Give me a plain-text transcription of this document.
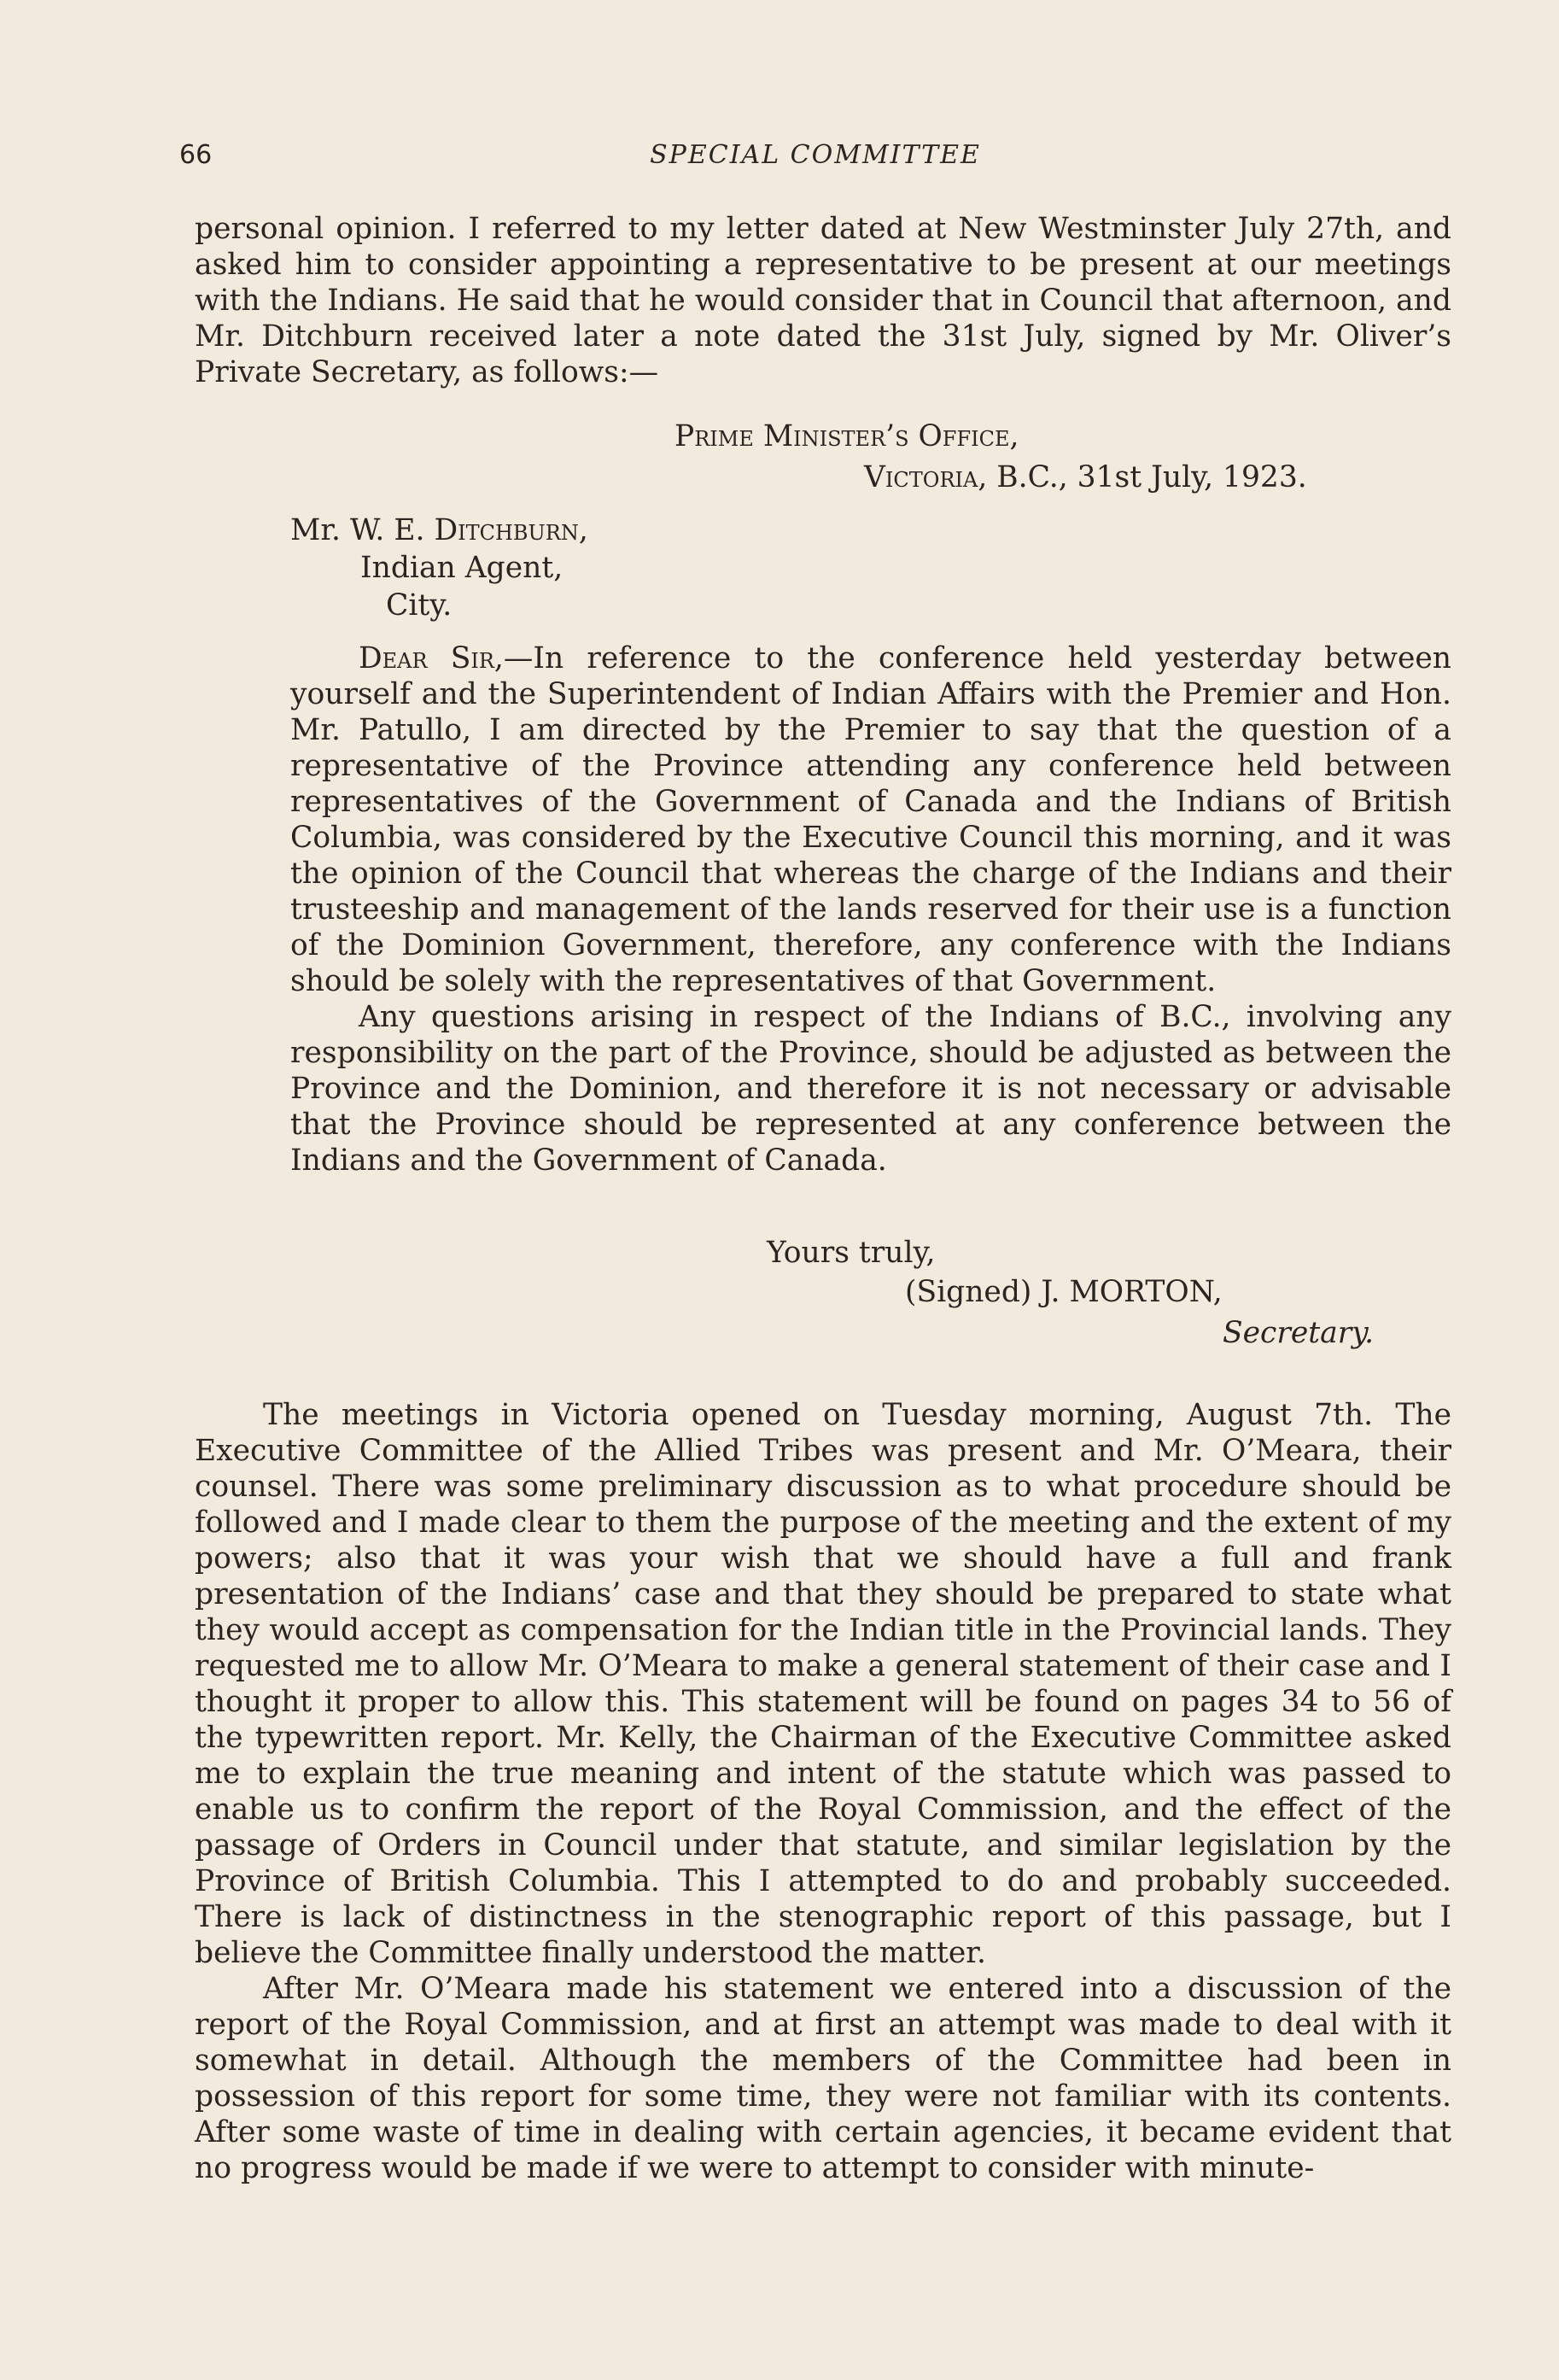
66	SPECIAL COMMITTEE

personal opinion. I referred to my letter dated at New Westminster July 27th, and asked him to consider appointing a representative to be present at our meetings with the Indians. He said that he would consider that in Council that afternoon, and Mr. Ditchburn received later a note dated the 31st July, signed by Mr. Oliver’s Private Secretary, as follows:—

Prime Minister’s Office,
Victoria, B.C., 31st July, 1923.
Mr. W. E. Ditchburn,
Indian Agent,
City.

Dear Sir,—In reference to the conference held yesterday between yourself and the Superintendent of Indian Affairs with the Premier and Hon. Mr. Patullo, I am directed by the Premier to say that the question of a representative of the Province attending any conference held between representatives of the Government of Canada and the Indians of British Columbia, was considered by the Executive Council this morning, and it was the opinion of the Council that whereas the charge of the Indians and their trusteeship and management of the lands reserved for their use is a function of the Dominion Government, therefore, any conference with the Indians should be solely with the representatives of that Government.

Any questions arising in respect of the Indians of B.C., involving any responsibility on the part of the Province, should be adjusted as between the Province and the Dominion, and therefore it is not necessary or advisable that the Province should be represented at any conference between the Indians and the Government of Canada.

Yours truly,
(Signed) J. MORTON,
Secretary.

The meetings in Victoria opened on Tuesday morning, August 7th. The Executive Committee of the Allied Tribes was present and Mr. O’Meara, their counsel. There was some preliminary discussion as to what procedure should be followed and I made clear to them the purpose of the meeting and the extent of my powers; also that it was your wish that we should have a full and frank presentation of the Indians’ case and that they should be prepared to state what they would accept as compensation for the Indian title in the Provincial lands. They requested me to allow Mr. O’Meara to make a general statement of their case and I thought it proper to allow this. This statement will be found on pages 34 to 56 of the typewritten report. Mr. Kelly, the Chairman of the Executive Committee asked me to explain the true meaning and intent of the statute which was passed to enable us to confirm the report of the Royal Commission, and the effect of the passage of Orders in Council under that statute, and similar legislation by the Province of British Columbia. This I attempted to do and probably succeeded. There is lack of distinctness in the stenographic report of this passage, but I believe the Committee finally understood the matter.

After Mr. O’Meara made his statement we entered into a discussion of the report of the Royal Commission, and at first an attempt was made to deal with it somewhat in detail. Although the members of the Committee had been in possession of this report for some time, they were not familiar with its contents. After some waste of time in dealing with certain agencies, it became evident that no progress would be made if we were to attempt to consider with minute-
